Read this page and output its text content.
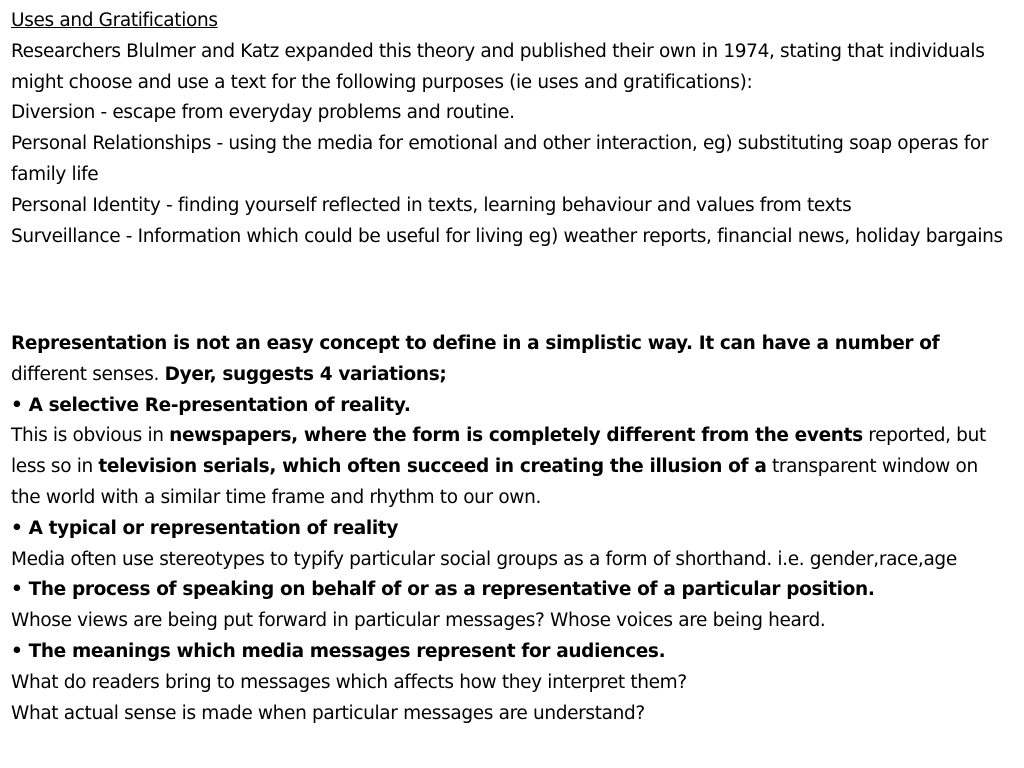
Uses and Gratifications

Researchers Blulmer and Katz expanded this theory and published their own in 1974, stating that individuals might choose and use a text for the following purposes (ie uses and gratifications):

Diversion - escape from everyday problems and routine.

Personal Relationships - using the media for emotional and other interaction, eg) substituting soap operas for family life

Personal Identity - finding yourself reflected in texts, learning behaviour and values from texts

Surveillance - Information which could be useful for living eg) weather reports, financial news, holiday bargains

Representation is not an easy concept to define in a simplistic way. It can have a number of different senses. Dyer, suggests 4 variations;

• A selective Re-presentation of reality.

This is obvious in newspapers, where the form is completely different from the events reported, but less so in television serials, which often succeed in creating the illusion of a transparent window on the world with a similar time frame and rhythm to our own.

• A typical or representation of reality

Media often use stereotypes to typify particular social groups as a form of shorthand. i.e. gender,race,age

• The process of speaking on behalf of or as a representative of a particular position.

Whose views are being put forward in particular messages? Whose voices are being heard.

• The meanings which media messages represent for audiences.

What do readers bring to messages which affects how they interpret them?

What actual sense is made when particular messages are understand?
